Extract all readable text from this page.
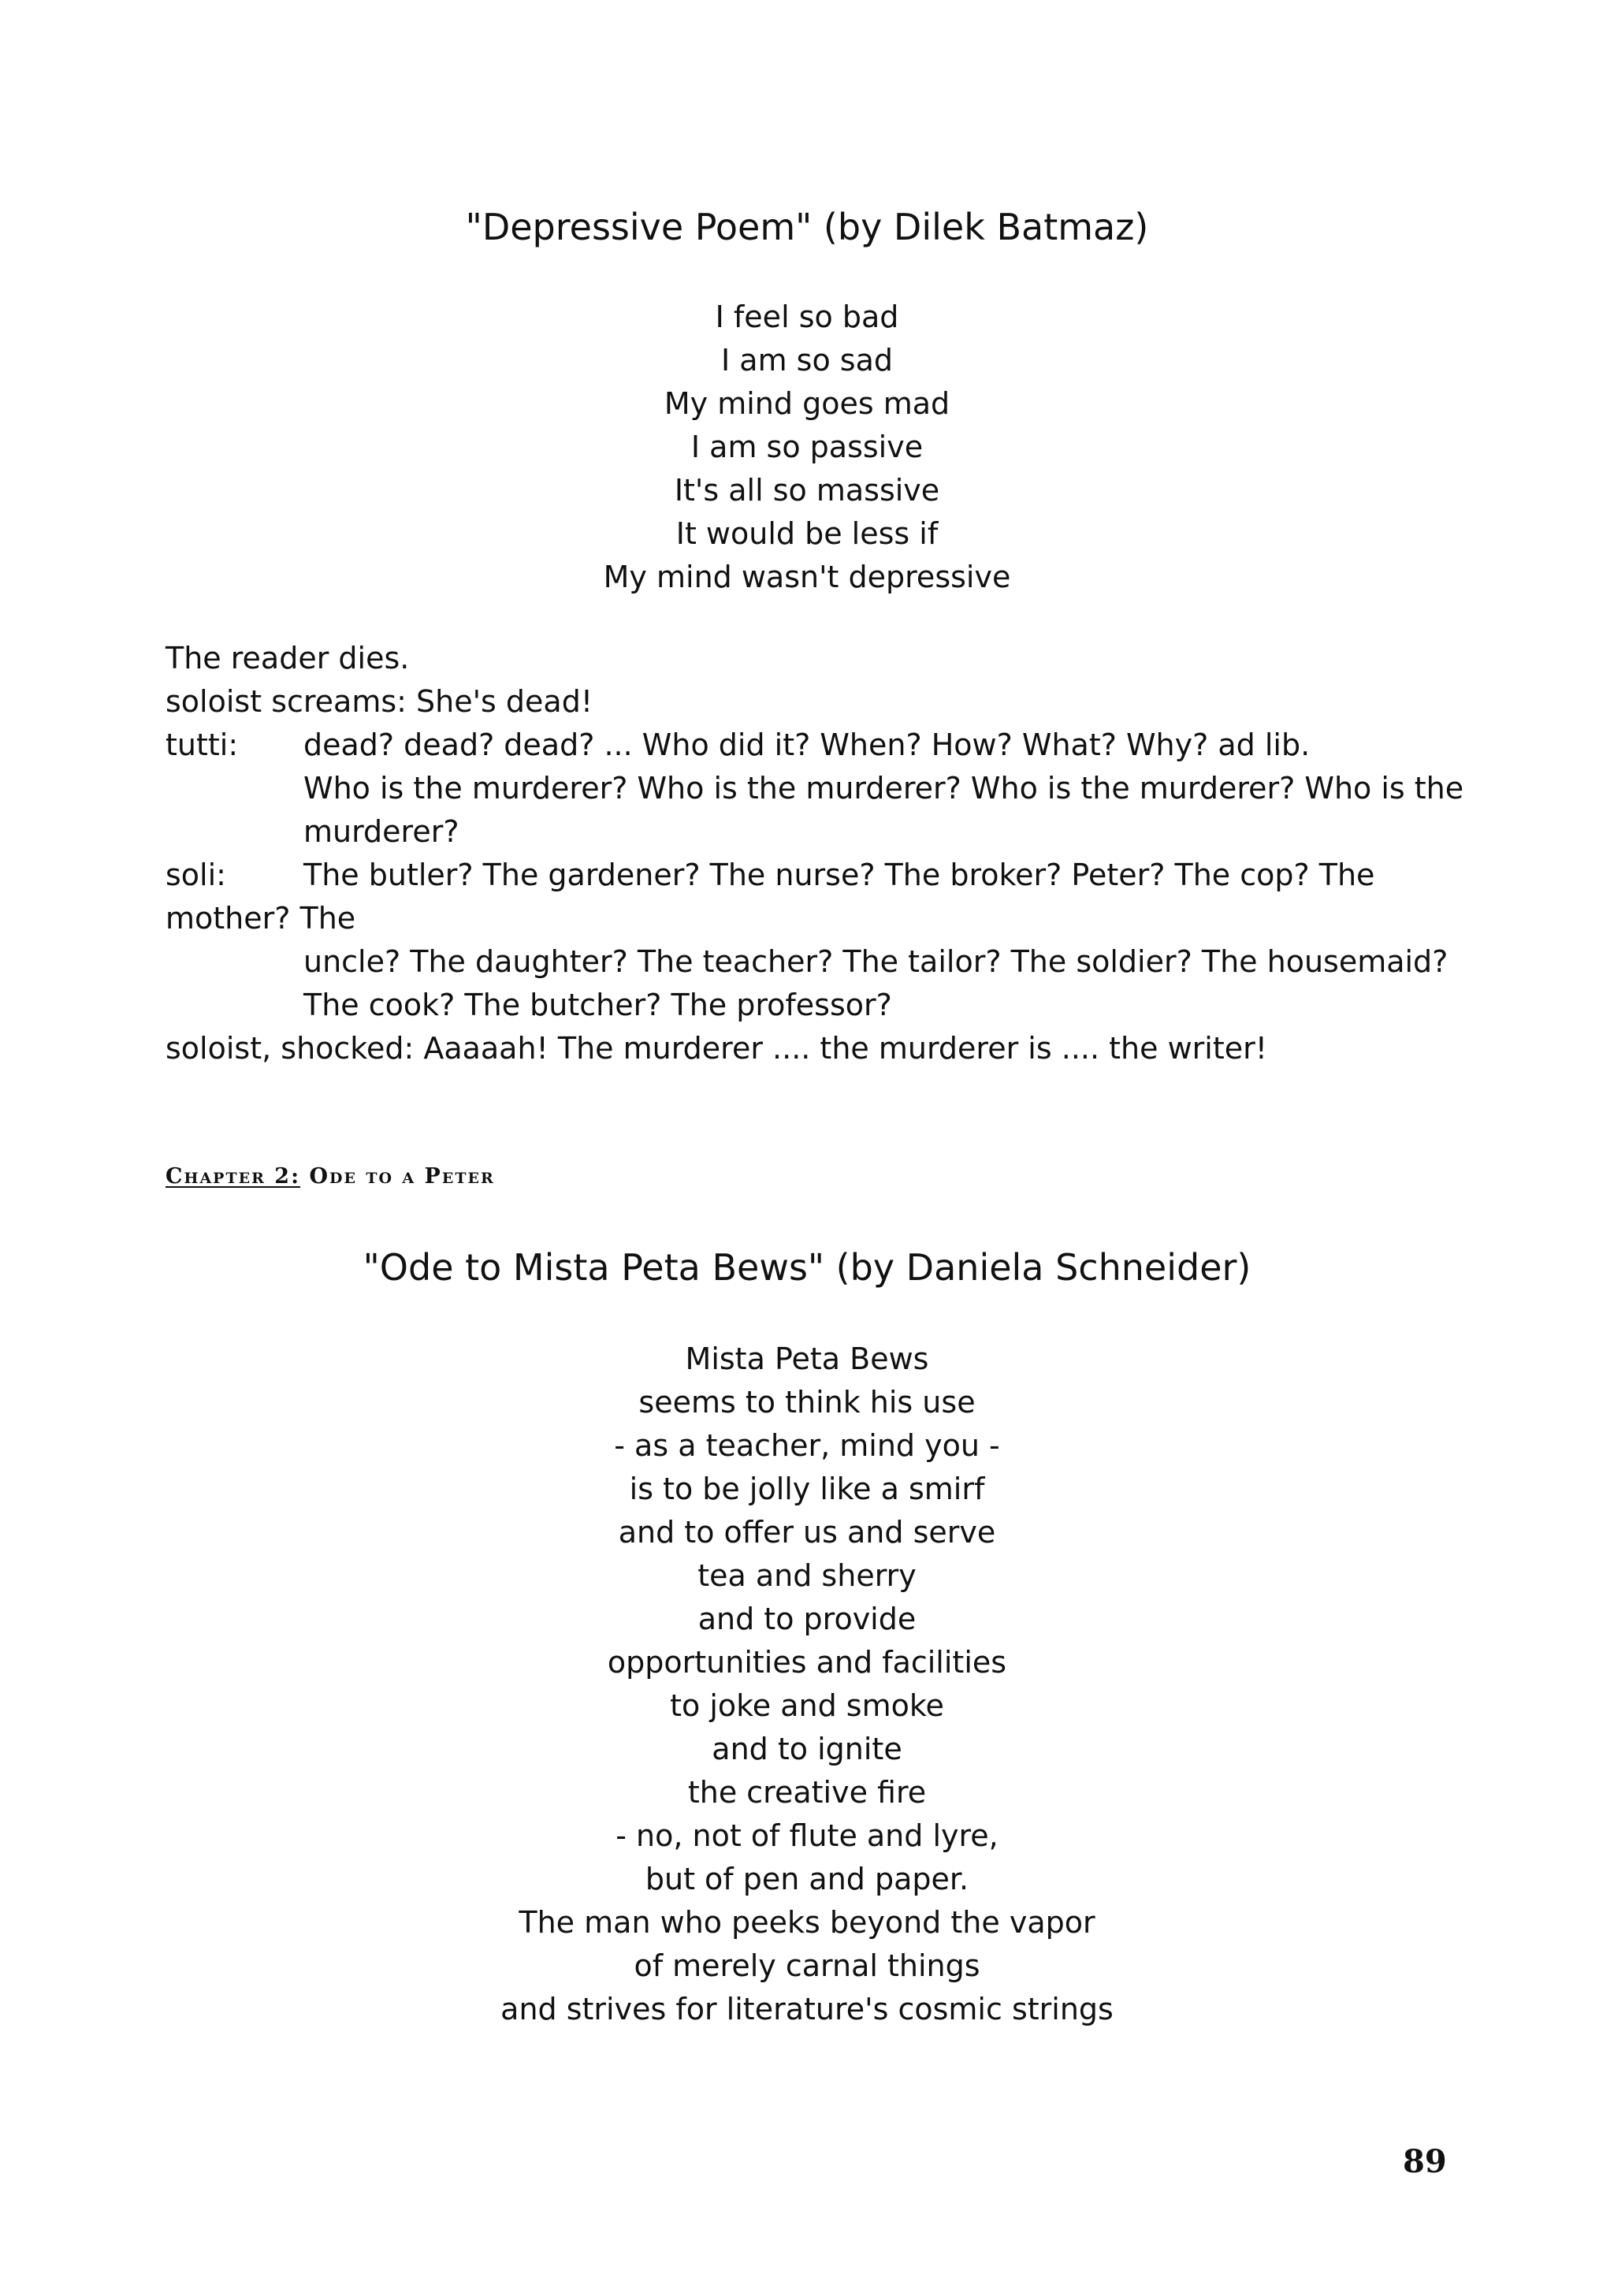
"Depressive Poem" (by Dilek Batmaz)
I feel so bad
I am so sad
My mind goes mad
I am so passive
It's all so massive
It would be less if
My mind wasn't depressive
The reader dies.
soloist screams: She's dead!
tutti: dead? dead? dead? ... Who did it? When? How? What? Why? ad lib.
Who is the murderer? Who is the murderer? Who is the murderer? Who is the
murderer?
soli:	The butler? The gardener? The nurse? The broker? Peter? The cop? The
mother? The
uncle? The daughter? The teacher? The tailor? The soldier? The housemaid?
The cook? The butcher? The professor?
soloist, shocked: Aaaaah! The murderer .... the murderer is .... the writer!
Chapter 2: Ode to a Peter
"Ode to Mista Peta Bews" (by Daniela Schneider)
Mista Peta Bews
seems to think his use
- as a teacher, mind you -
is to be jolly like a smirf
and to offer us and serve
tea and sherry
and to provide
opportunities and facilities
to joke and smoke
and to ignite
the creative fire
- no, not of flute and lyre,
but of pen and paper.
The man who peeks beyond the vapor
of merely carnal things
and strives for literature's cosmic strings
89
